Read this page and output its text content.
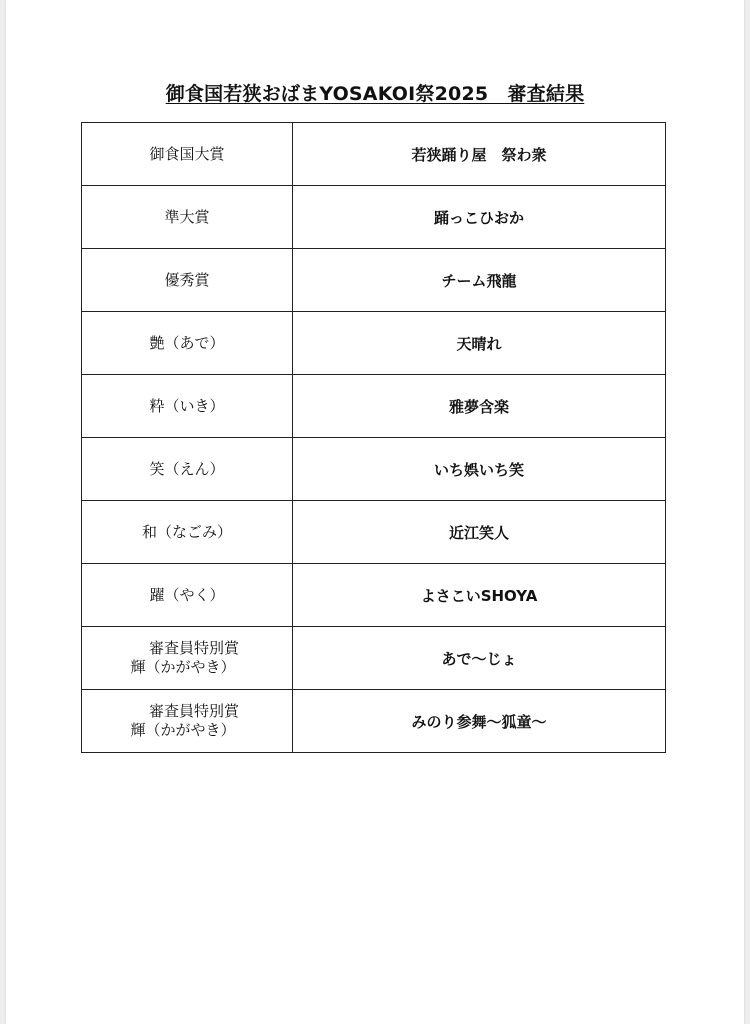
御食国若狭おばまYOSAKOI祭2025　審査結果
御食国大賞	若狭踊り屋　祭わ衆
準大賞	踊っこひおか
優秀賞	チーム飛龍
艶（あで）	天晴れ
粋（いき）	雅夢含楽
笑（えん）	いち娯いち笑
和（なごみ）	近江笑人
躍（やく）	よさこいSHOYA

審査員特別賞
輝（かがやき）	あで～じょ

審査員特別賞
輝（かがやき）	みのり参舞～狐童～
